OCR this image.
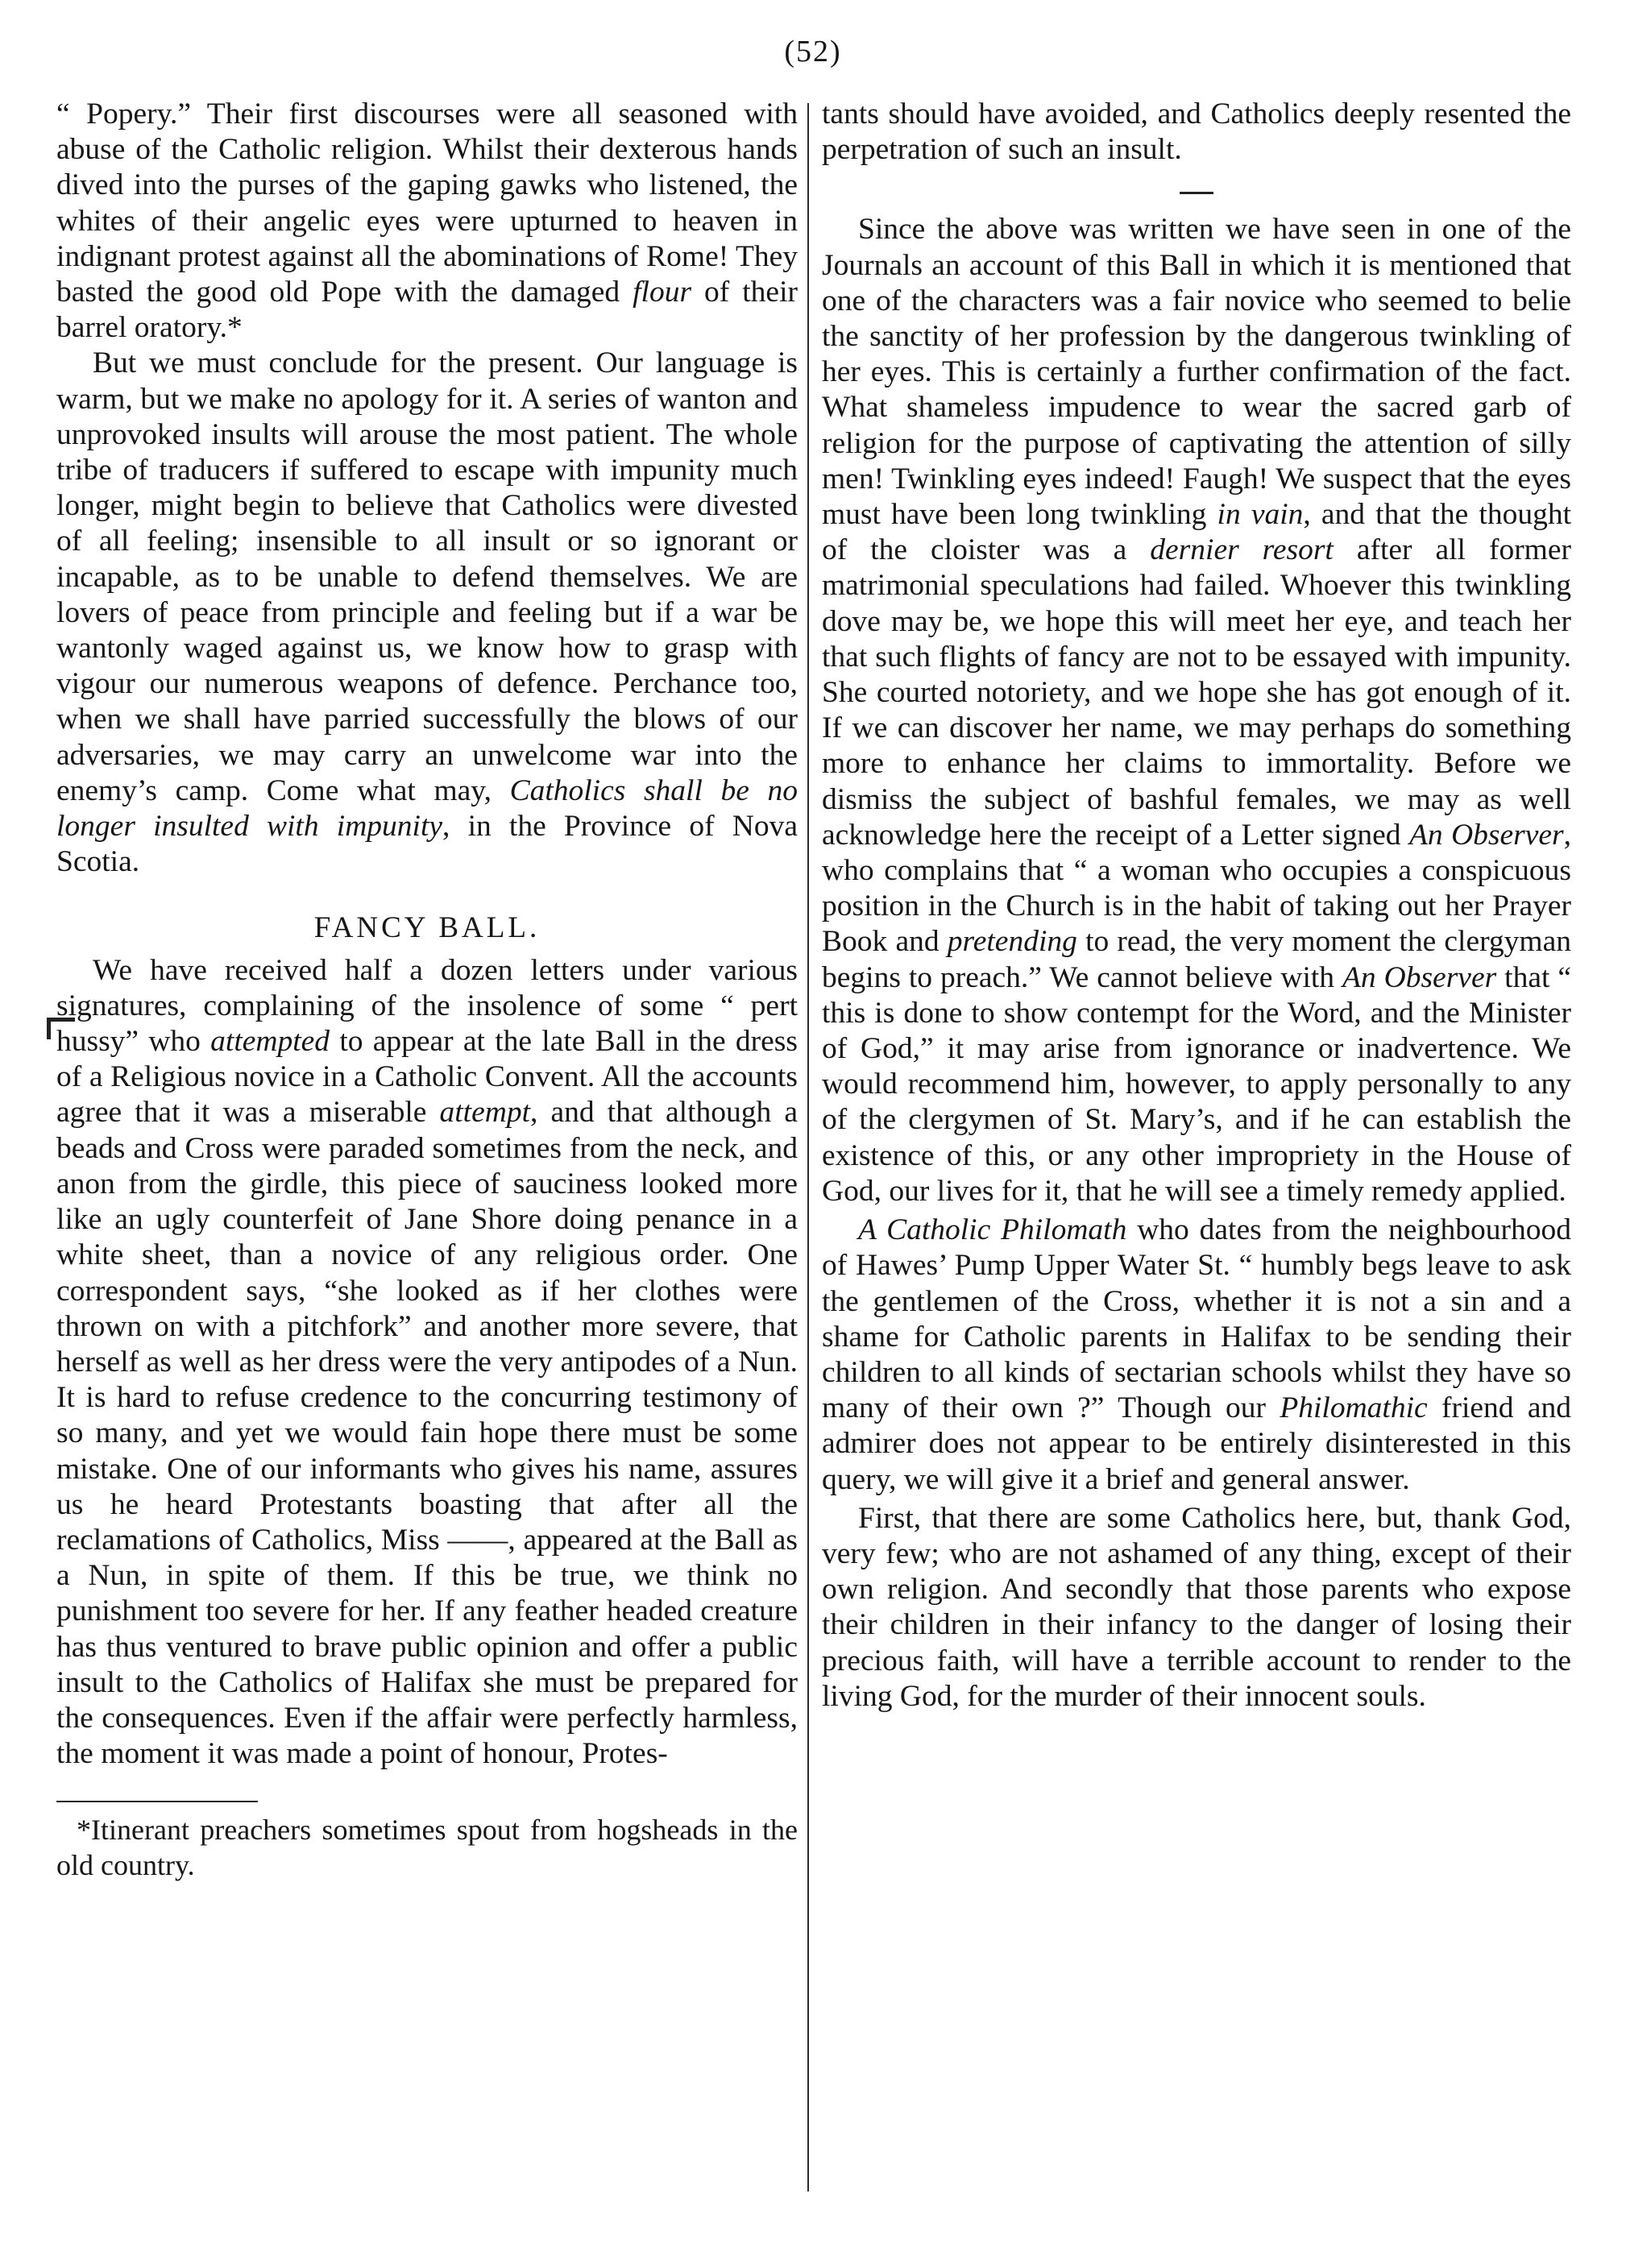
(52)

“ Popery.” Their first discourses were all seasoned with abuse of the Catholic religion. Whilst their dexterous hands dived into the purses of the gaping gawks who listened, the whites of their angelic eyes were upturned to heaven in indignant protest against all the abominations of Rome! They basted the good old Pope with the damaged flour of their barrel oratory.*

But we must conclude for the present. Our language is warm, but we make no apology for it. A series of wanton and unprovoked insults will arouse the most patient. The whole tribe of traducers if suffered to escape with impunity much longer, might begin to believe that Catholics were divested of all feeling; insensible to all insult or so ignorant or incapable, as to be unable to defend themselves. We are lovers of peace from principle and feeling but if a war be wantonly waged against us, we know how to grasp with vigour our numerous weapons of defence. Perchance too, when we shall have parried successfully the blows of our adversaries, we may carry an unwelcome war into the enemy’s camp. Come what may, Catholics shall be no longer insulted with impunity, in the Province of Nova Scotia.

FANCY BALL.

We have received half a dozen letters under various signatures, complaining of the insolence of some “ pert hussy” who attempted to appear at the late Ball in the dress of a Religious novice in a Catholic Convent. All the accounts agree that it was a miserable attempt, and that although a beads and Cross were paraded sometimes from the neck, and anon from the girdle, this piece of sauciness looked more like an ugly counterfeit of Jane Shore doing penance in a white sheet, than a novice of any religious order. One correspondent says, “she looked as if her clothes were thrown on with a pitchfork” and another more severe, that herself as well as her dress were the very antipodes of a Nun. It is hard to refuse credence to the concurring testimony of so many, and yet we would fain hope there must be some mistake. One of our informants who gives his name, assures us he heard Protestants boasting that after all the reclamations of Catholics, Miss ——, appeared at the Ball as a Nun, in spite of them. If this be true, we think no punishment too severe for her. If any feather headed creature has thus ventured to brave public opinion and offer a public insult to the Catholics of Halifax she must be prepared for the consequences. Even if the affair were perfectly harmless, the moment it was made a point of honour, Protes-

*Itinerant preachers sometimes spout from hogsheads in the old country.

tants should have avoided, and Catholics deeply resented the perpetration of such an insult.

Since the above was written we have seen in one of the Journals an account of this Ball in which it is mentioned that one of the characters was a fair novice who seemed to belie the sanctity of her profession by the dangerous twinkling of her eyes. This is certainly a further confirmation of the fact. What shameless impudence to wear the sacred garb of religion for the purpose of captivating the attention of silly men! Twinkling eyes indeed! Faugh! We suspect that the eyes must have been long twinkling in vain, and that the thought of the cloister was a dernier resort after all former matrimonial speculations had failed. Whoever this twinkling dove may be, we hope this will meet her eye, and teach her that such flights of fancy are not to be essayed with impunity. She courted notoriety, and we hope she has got enough of it. If we can discover her name, we may perhaps do something more to enhance her claims to immortality. Before we dismiss the subject of bashful females, we may as well acknowledge here the receipt of a Letter signed An Observer, who complains that “ a woman who occupies a conspicuous position in the Church is in the habit of taking out her Prayer Book and pretending to read, the very moment the clergyman begins to preach.” We cannot believe with An Observer that “ this is done to show contempt for the Word, and the Minister of God,” it may arise from ignorance or inadvertence. We would recommend him, however, to apply personally to any of the clergymen of St. Mary’s, and if he can establish the existence of this, or any other impropriety in the House of God, our lives for it, that he will see a timely remedy applied.

A Catholic Philomath who dates from the neighbourhood of Hawes’ Pump Upper Water St. “ humbly begs leave to ask the gentlemen of the Cross, whether it is not a sin and a shame for Catholic parents in Halifax to be sending their children to all kinds of sectarian schools whilst they have so many of their own ?” Though our Philomathic friend and admirer does not appear to be entirely disinterested in this query, we will give it a brief and general answer.

First, that there are some Catholics here, but, thank God, very few; who are not ashamed of any thing, except of their own religion. And secondly that those parents who expose their children in their infancy to the danger of losing their precious faith, will have a terrible account to render to the living God, for the murder of their innocent souls.
